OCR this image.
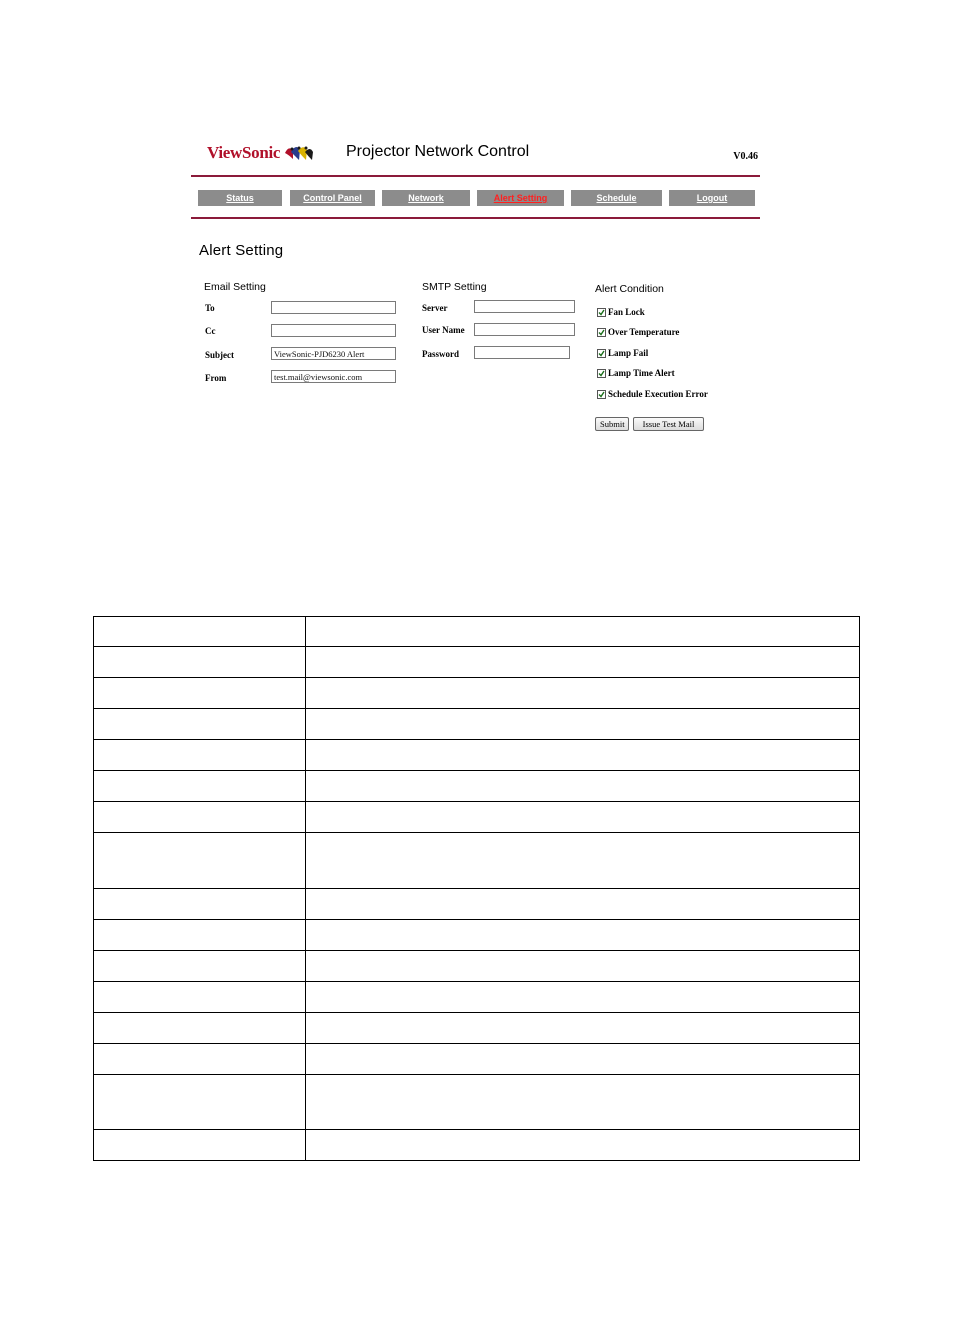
ViewSonic	Projector Network Control	V0.46
Status	Control Panel	Network	Alert Setting	Schedule	Logout
Alert Setting
Email Setting
To
Cc
Subject
ViewSonic-PJD6230 Alert
From
test.mail@viewsonic.com
SMTP Setting
Server
User Name
Password
Alert Condition
Fan Lock
Over Temperature
Lamp Fail
Lamp Time Alert
Schedule Execution Error
Submit	Issue Test Mail
